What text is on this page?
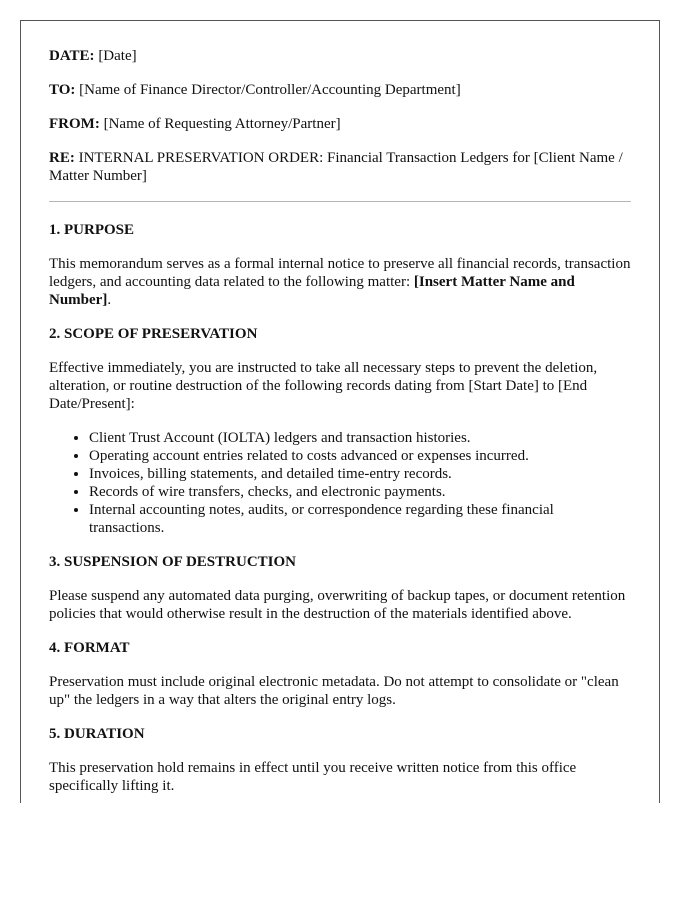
DATE: [Date]

TO: [Name of Finance Director/Controller/Accounting Department]

FROM: [Name of Requesting Attorney/Partner]

RE: INTERNAL PRESERVATION ORDER: Financial Transaction Ledgers for [Client Name / Matter Number]

1. PURPOSE

This memorandum serves as a formal internal notice to preserve all financial records, transaction ledgers, and accounting data related to the following matter: [Insert Matter Name and Number].

2. SCOPE OF PRESERVATION

Effective immediately, you are instructed to take all necessary steps to prevent the deletion, alteration, or routine destruction of the following records dating from [Start Date] to [End Date/Present]:

• Client Trust Account (IOLTA) ledgers and transaction histories.
• Operating account entries related to costs advanced or expenses incurred.
• Invoices, billing statements, and detailed time-entry records.
• Records of wire transfers, checks, and electronic payments.
• Internal accounting notes, audits, or correspondence regarding these financial transactions.
3. SUSPENSION OF DESTRUCTION

Please suspend any automated data purging, overwriting of backup tapes, or document retention policies that would otherwise result in the destruction of the materials identified above.

4. FORMAT

Preservation must include original electronic metadata. Do not attempt to consolidate or "clean up" the ledgers in a way that alters the original entry logs.

5. DURATION

This preservation hold remains in effect until you receive written notice from this office specifically lifting it.
